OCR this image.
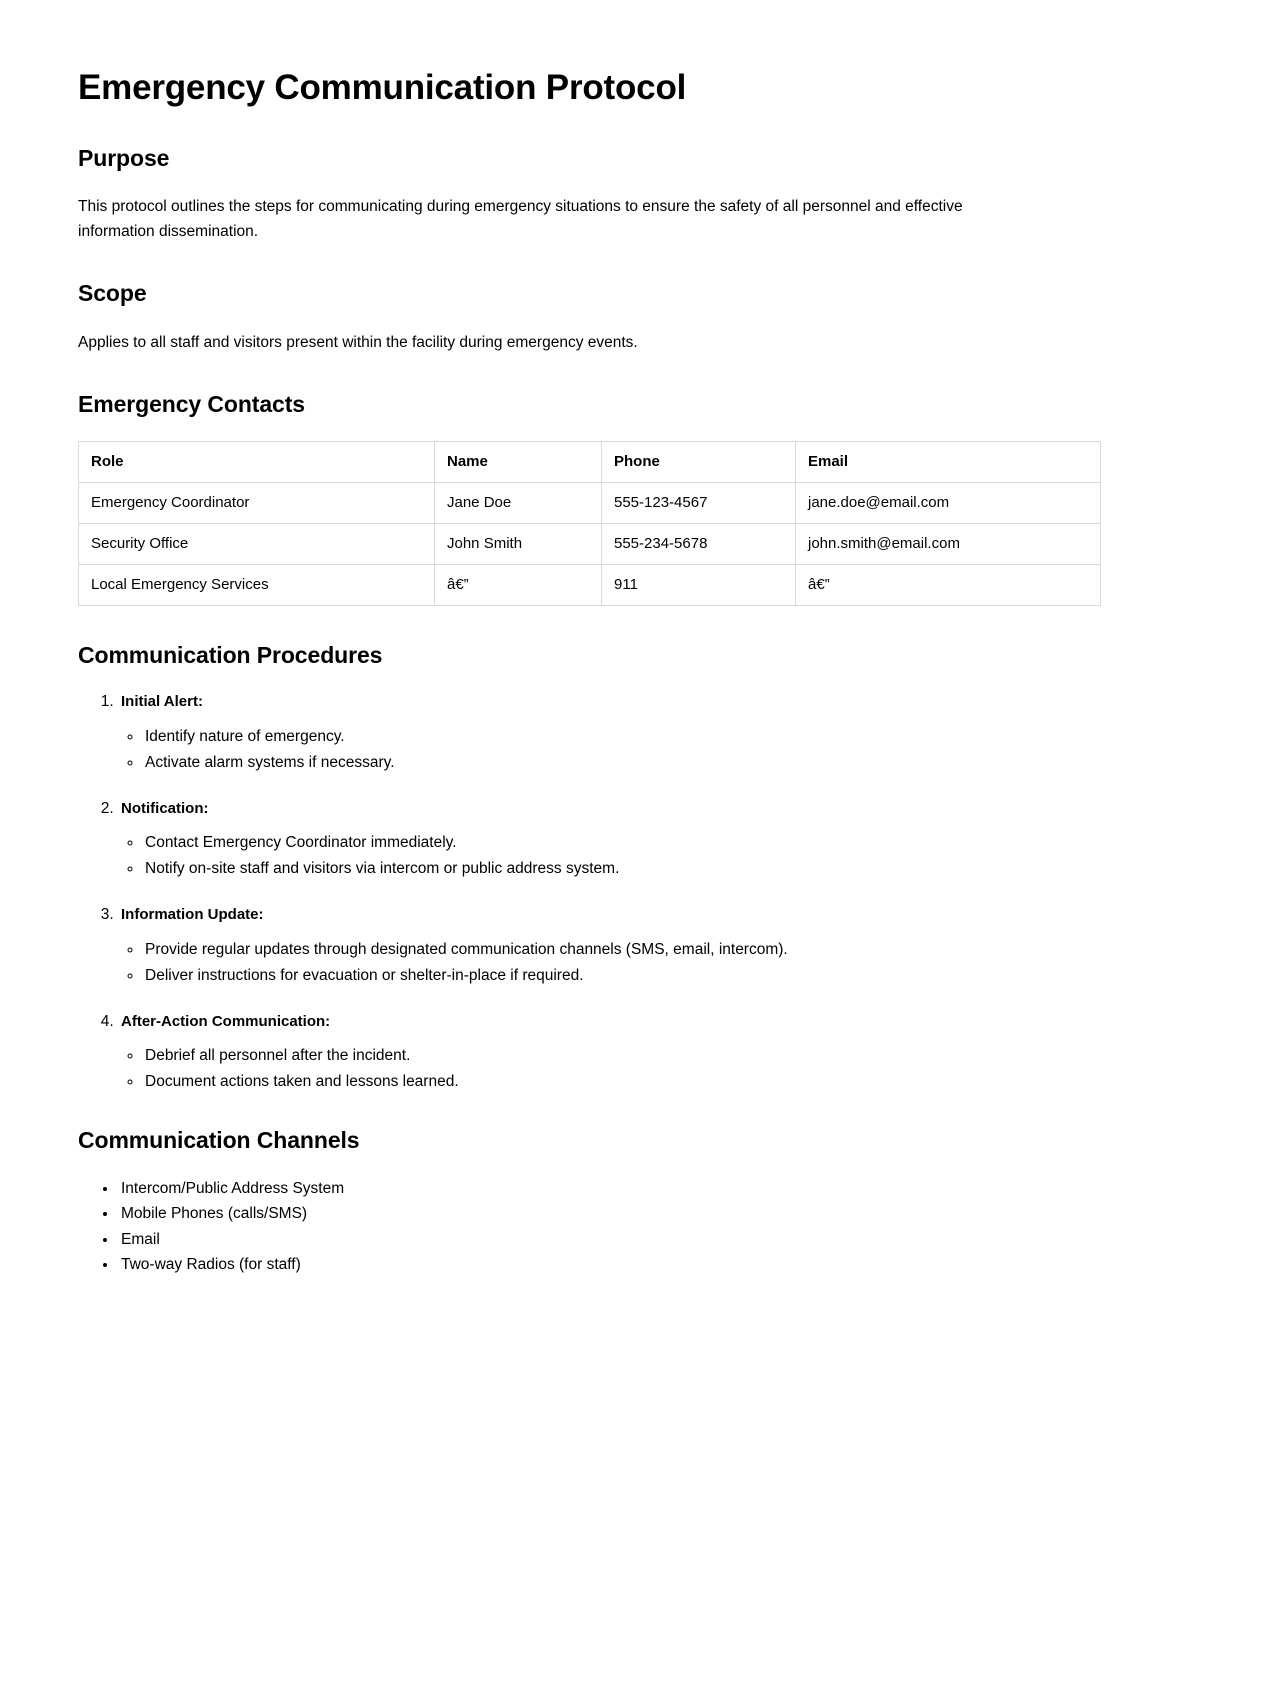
Emergency Communication Protocol
Purpose

This protocol outlines the steps for communicating during emergency situations to ensure the safety of all personnel and effective information dissemination.

Scope

Applies to all staff and visitors present within the facility during emergency events.

Emergency Contacts
Role	Name	Phone	Email
Emergency Coordinator	Jane Doe	555-123-4567	jane.doe@email.com
Security Office	John Smith	555-234-5678	john.smith@email.com
Local Emergency Services	â€”	911	â€”
Communication Procedures
1. Initial Alert:
◦ Identify nature of emergency.
◦ Activate alarm systems if necessary.
2. Notification:
◦ Contact Emergency Coordinator immediately.
◦ Notify on-site staff and visitors via intercom or public address system.
3. Information Update:
◦ Provide regular updates through designated communication channels (SMS, email, intercom).
◦ Deliver instructions for evacuation or shelter-in-place if required.
4. After-Action Communication:
◦ Debrief all personnel after the incident.
◦ Document actions taken and lessons learned.
Communication Channels
• Intercom/Public Address System
• Mobile Phones (calls/SMS)
• Email
• Two-way Radios (for staff)
